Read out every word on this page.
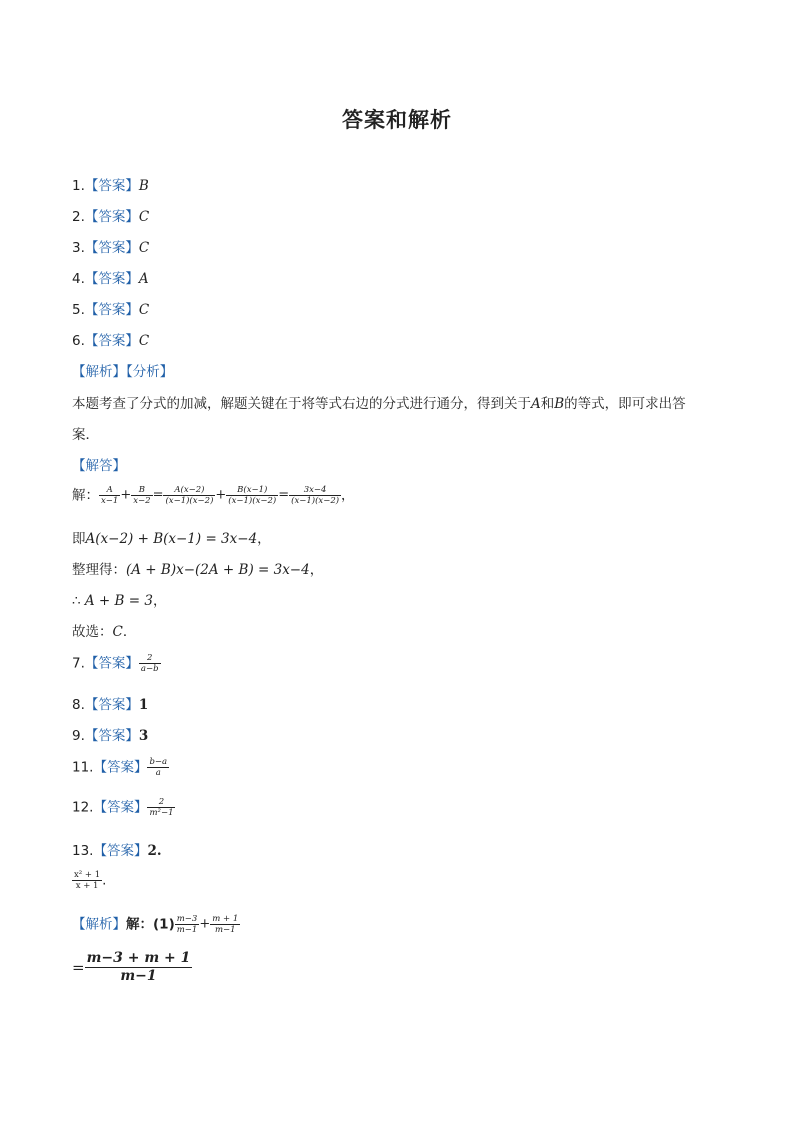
答案和解析
1.【答案】B
2.【答案】C
3.【答案】C
4.【答案】A
5.【答案】C
6.【答案】C
【解析】【分析】
本题考查了分式的加减，解题关键在于将等式右边的分式进行通分，得到关于A和B的等式，即可求出答
案．
【解答】
解： $\frac{A}{x-1} + \frac{B}{x-2} = \frac{A(x-2)}{(x-1)(x-2)} + \frac{B(x-1)}{(x-1)(x-2)} = \frac{3x-4}{(x-1)(x-2)}$ ，
即A(x−2) + B(x−1) = 3x−4，
整理得：(A + B)x−(2A + B) = 3x−4，
∴ A + B = 3，
故选：C．
7.【答案】 $\frac{2}{a-b}$
8.【答案】1
9.【答案】3
11.【答案】 $\frac{b-a}{a}$
12.【答案】 $\frac{2}{\text{m²−1}}$
13.【答案】2.
$\frac{\text{x² + 1}}{x + 1}$ .
【解析】解：$(1) \frac{m-3}{m-1} + \frac{m + 1}{m-1}$
= $\frac{m-3 + m + 1}{m-1}$
